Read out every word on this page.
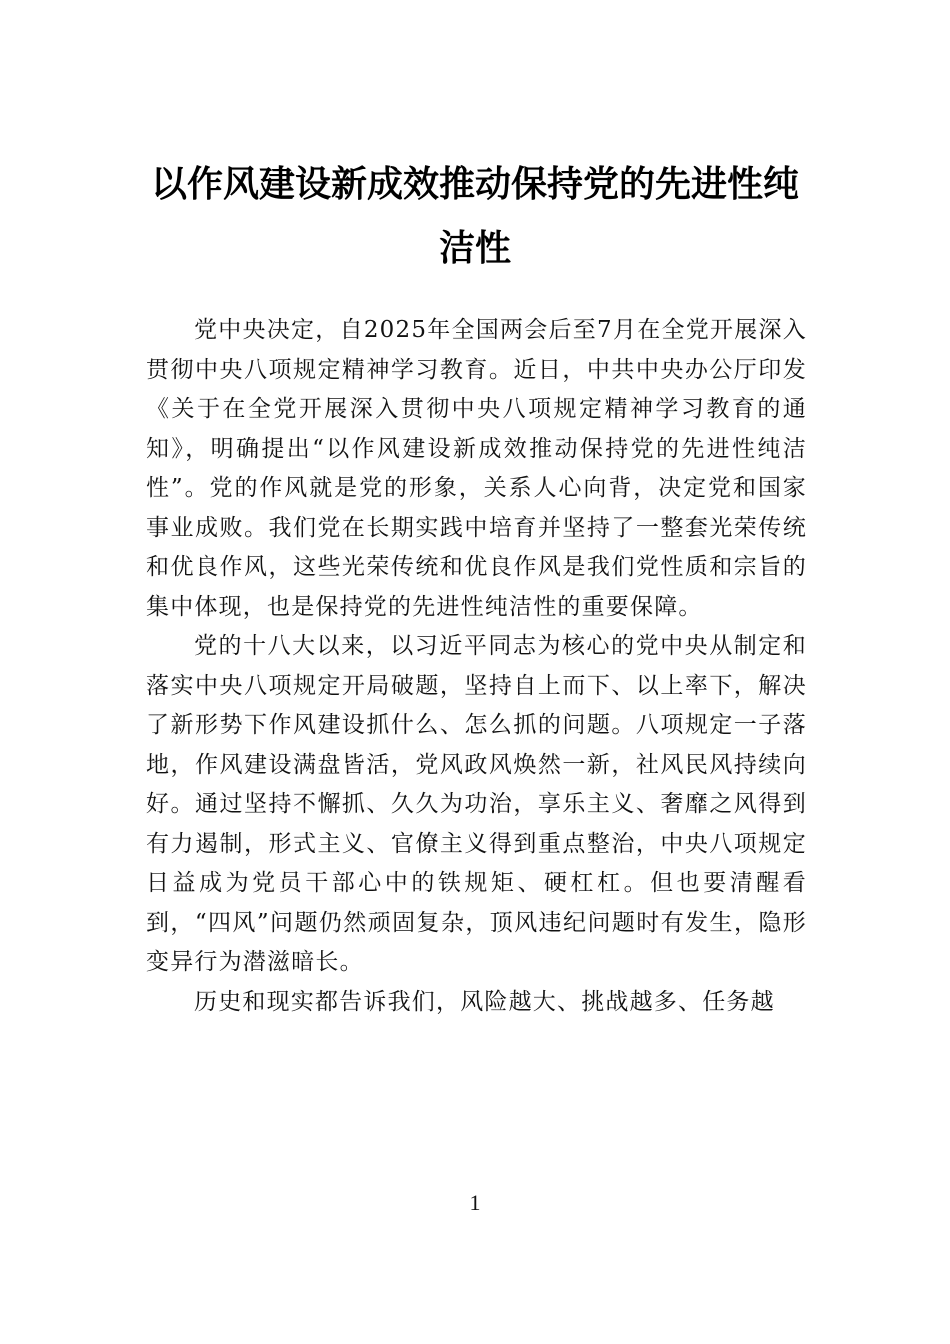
以作风建设新成效推动保持党的先进性纯洁性

党中央决定，自2025年全国两会后至7月在全党开展深入贯彻中央八项规定精神学习教育。近日，中共中央办公厅印发《关于在全党开展深入贯彻中央八项规定精神学习教育的通知》，明确提出“以作风建设新成效推动保持党的先进性纯洁性”。党的作风就是党的形象，关系人心向背，决定党和国家事业成败。我们党在长期实践中培育并坚持了一整套光荣传统和优良作风，这些光荣传统和优良作风是我们党性质和宗旨的集中体现，也是保持党的先进性纯洁性的重要保障。

党的十八大以来，以习近平同志为核心的党中央从制定和落实中央八项规定开局破题，坚持自上而下、以上率下，解决了新形势下作风建设抓什么、怎么抓的问题。八项规定一子落地，作风建设满盘皆活，党风政风焕然一新，社风民风持续向好。通过坚持不懈抓、久久为功治，享乐主义、奢靡之风得到有力遏制，形式主义、官僚主义得到重点整治，中央八项规定日益成为党员干部心中的铁规矩、硬杠杠。但也要清醒看到，“四风”问题仍然顽固复杂，顶风违纪问题时有发生，隐形变异行为潜滋暗长。

历史和现实都告诉我们，风险越大、挑战越多、任务越

1
